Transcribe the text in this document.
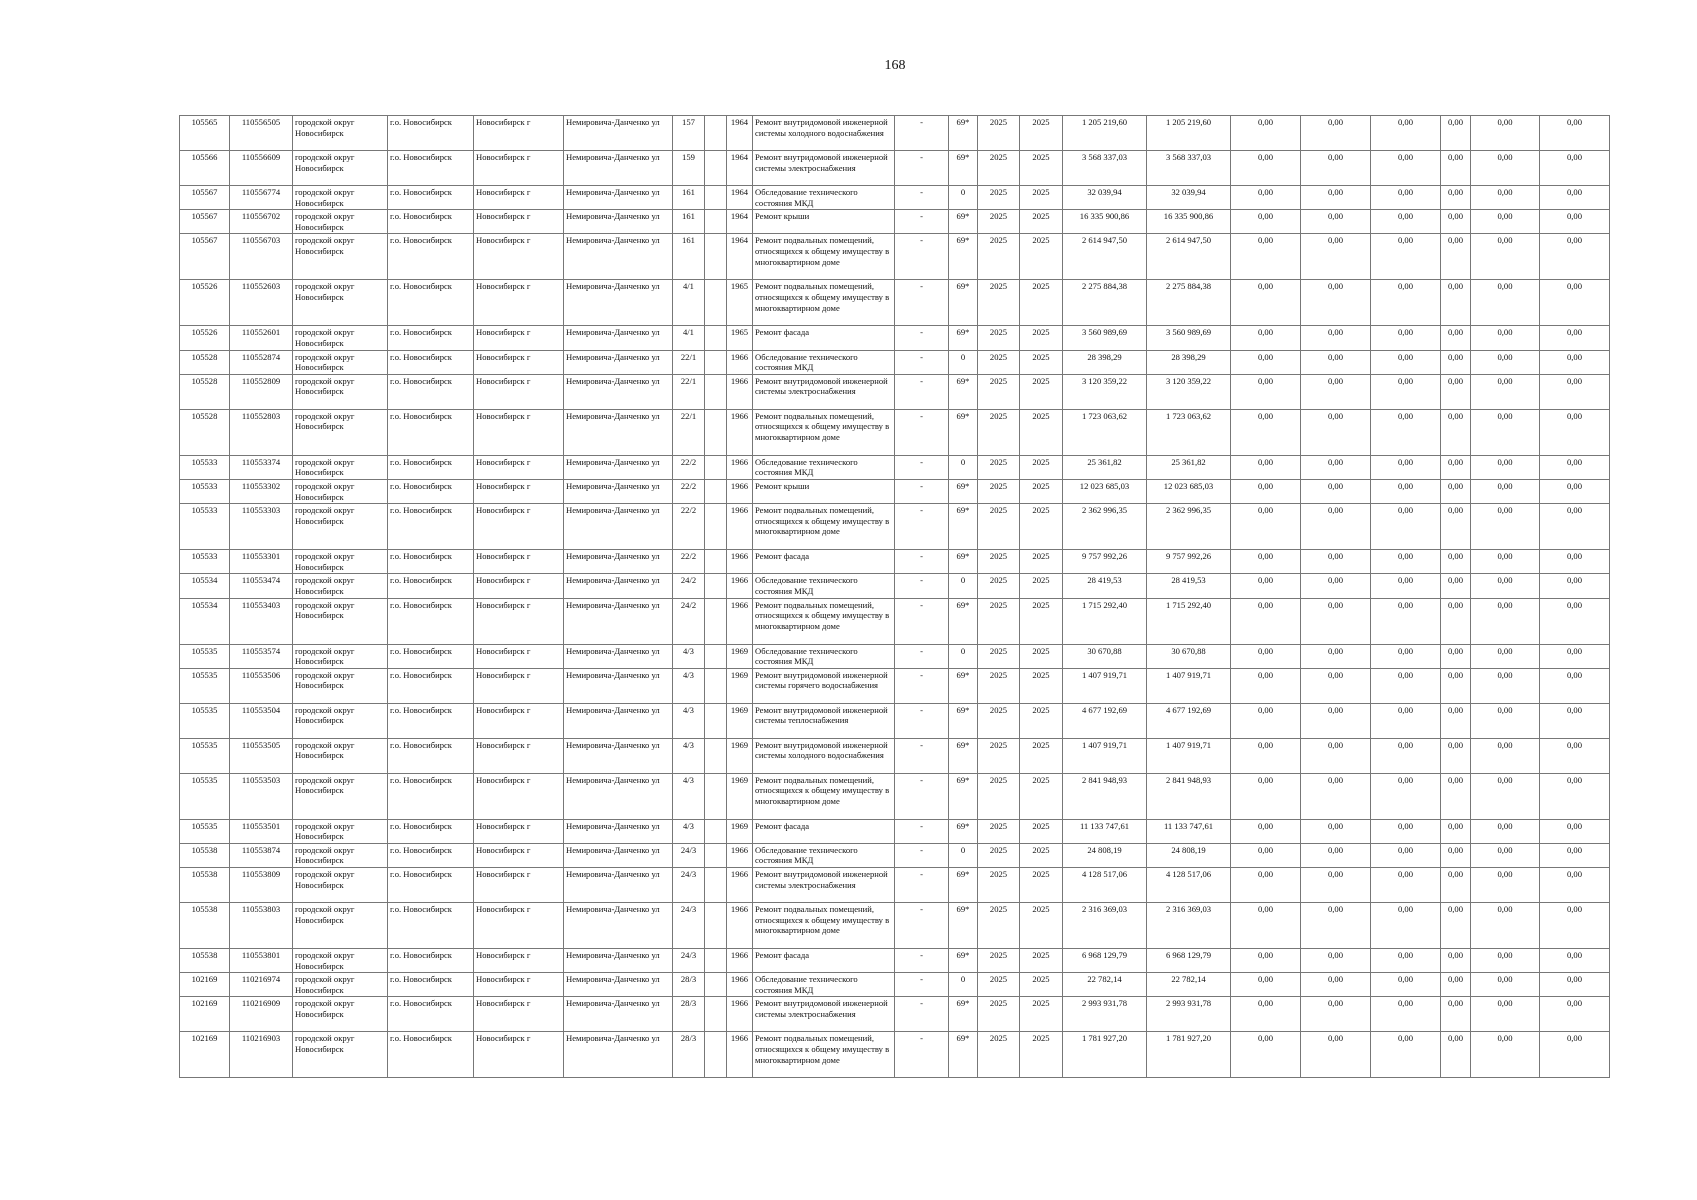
168
105565	110556505	городской округ Новосибирск	г.о. Новосибирск	Новосибирск г	Немировича-Данченко ул	157		1964	Ремонт внутридомовой инженерной системы холодного водоснабжения	-	69*	2025	2025	1 205 219,60	1 205 219,60	0,00	0,00	0,00	0,00	0,00	0,00
105566	110556609	городской округ Новосибирск	г.о. Новосибирск	Новосибирск г	Немировича-Данченко ул	159		1964	Ремонт внутридомовой инженерной системы электроснабжения	-	69*	2025	2025	3 568 337,03	3 568 337,03	0,00	0,00	0,00	0,00	0,00	0,00
105567	110556774	городской округ Новосибирск	г.о. Новосибирск	Новосибирск г	Немировича-Данченко ул	161		1964	Обследование технического состояния МКД	-	0	2025	2025	32 039,94	32 039,94	0,00	0,00	0,00	0,00	0,00	0,00
105567	110556702	городской округ Новосибирск	г.о. Новосибирск	Новосибирск г	Немировича-Данченко ул	161		1964	Ремонт крыши	-	69*	2025	2025	16 335 900,86	16 335 900,86	0,00	0,00	0,00	0,00	0,00	0,00
105567	110556703	городской округ Новосибирск	г.о. Новосибирск	Новосибирск г	Немировича-Данченко ул	161		1964	Ремонт подвальных помещений, относящихся к общему имуществу в многоквартирном доме	-	69*	2025	2025	2 614 947,50	2 614 947,50	0,00	0,00	0,00	0,00	0,00	0,00
105526	110552603	городской округ Новосибирск	г.о. Новосибирск	Новосибирск г	Немировича-Данченко ул	4/1		1965	Ремонт подвальных помещений, относящихся к общему имуществу в многоквартирном доме	-	69*	2025	2025	2 275 884,38	2 275 884,38	0,00	0,00	0,00	0,00	0,00	0,00
105526	110552601	городской округ Новосибирск	г.о. Новосибирск	Новосибирск г	Немировича-Данченко ул	4/1		1965	Ремонт фасада	-	69*	2025	2025	3 560 989,69	3 560 989,69	0,00	0,00	0,00	0,00	0,00	0,00
105528	110552874	городской округ Новосибирск	г.о. Новосибирск	Новосибирск г	Немировича-Данченко ул	22/1		1966	Обследование технического состояния МКД	-	0	2025	2025	28 398,29	28 398,29	0,00	0,00	0,00	0,00	0,00	0,00
105528	110552809	городской округ Новосибирск	г.о. Новосибирск	Новосибирск г	Немировича-Данченко ул	22/1		1966	Ремонт внутридомовой инженерной системы электроснабжения	-	69*	2025	2025	3 120 359,22	3 120 359,22	0,00	0,00	0,00	0,00	0,00	0,00
105528	110552803	городской округ Новосибирск	г.о. Новосибирск	Новосибирск г	Немировича-Данченко ул	22/1		1966	Ремонт подвальных помещений, относящихся к общему имуществу в многоквартирном доме	-	69*	2025	2025	1 723 063,62	1 723 063,62	0,00	0,00	0,00	0,00	0,00	0,00
105533	110553374	городской округ Новосибирск	г.о. Новосибирск	Новосибирск г	Немировича-Данченко ул	22/2		1966	Обследование технического состояния МКД	-	0	2025	2025	25 361,82	25 361,82	0,00	0,00	0,00	0,00	0,00	0,00
105533	110553302	городской округ Новосибирск	г.о. Новосибирск	Новосибирск г	Немировича-Данченко ул	22/2		1966	Ремонт крыши	-	69*	2025	2025	12 023 685,03	12 023 685,03	0,00	0,00	0,00	0,00	0,00	0,00
105533	110553303	городской округ Новосибирск	г.о. Новосибирск	Новосибирск г	Немировича-Данченко ул	22/2		1966	Ремонт подвальных помещений, относящихся к общему имуществу в многоквартирном доме	-	69*	2025	2025	2 362 996,35	2 362 996,35	0,00	0,00	0,00	0,00	0,00	0,00
105533	110553301	городской округ Новосибирск	г.о. Новосибирск	Новосибирск г	Немировича-Данченко ул	22/2		1966	Ремонт фасада	-	69*	2025	2025	9 757 992,26	9 757 992,26	0,00	0,00	0,00	0,00	0,00	0,00
105534	110553474	городской округ Новосибирск	г.о. Новосибирск	Новосибирск г	Немировича-Данченко ул	24/2		1966	Обследование технического состояния МКД	-	0	2025	2025	28 419,53	28 419,53	0,00	0,00	0,00	0,00	0,00	0,00
105534	110553403	городской округ Новосибирск	г.о. Новосибирск	Новосибирск г	Немировича-Данченко ул	24/2		1966	Ремонт подвальных помещений, относящихся к общему имуществу в многоквартирном доме	-	69*	2025	2025	1 715 292,40	1 715 292,40	0,00	0,00	0,00	0,00	0,00	0,00
105535	110553574	городской округ Новосибирск	г.о. Новосибирск	Новосибирск г	Немировича-Данченко ул	4/3		1969	Обследование технического состояния МКД	-	0	2025	2025	30 670,88	30 670,88	0,00	0,00	0,00	0,00	0,00	0,00
105535	110553506	городской округ Новосибирск	г.о. Новосибирск	Новосибирск г	Немировича-Данченко ул	4/3		1969	Ремонт внутридомовой инженерной системы горячего водоснабжения	-	69*	2025	2025	1 407 919,71	1 407 919,71	0,00	0,00	0,00	0,00	0,00	0,00
105535	110553504	городской округ Новосибирск	г.о. Новосибирск	Новосибирск г	Немировича-Данченко ул	4/3		1969	Ремонт внутридомовой инженерной системы теплоснабжения	-	69*	2025	2025	4 677 192,69	4 677 192,69	0,00	0,00	0,00	0,00	0,00	0,00
105535	110553505	городской округ Новосибирск	г.о. Новосибирск	Новосибирск г	Немировича-Данченко ул	4/3		1969	Ремонт внутридомовой инженерной системы холодного водоснабжения	-	69*	2025	2025	1 407 919,71	1 407 919,71	0,00	0,00	0,00	0,00	0,00	0,00
105535	110553503	городской округ Новосибирск	г.о. Новосибирск	Новосибирск г	Немировича-Данченко ул	4/3		1969	Ремонт подвальных помещений, относящихся к общему имуществу в многоквартирном доме	-	69*	2025	2025	2 841 948,93	2 841 948,93	0,00	0,00	0,00	0,00	0,00	0,00
105535	110553501	городской округ Новосибирск	г.о. Новосибирск	Новосибирск г	Немировича-Данченко ул	4/3		1969	Ремонт фасада	-	69*	2025	2025	11 133 747,61	11 133 747,61	0,00	0,00	0,00	0,00	0,00	0,00
105538	110553874	городской округ Новосибирск	г.о. Новосибирск	Новосибирск г	Немировича-Данченко ул	24/3		1966	Обследование технического состояния МКД	-	0	2025	2025	24 808,19	24 808,19	0,00	0,00	0,00	0,00	0,00	0,00
105538	110553809	городской округ Новосибирск	г.о. Новосибирск	Новосибирск г	Немировича-Данченко ул	24/3		1966	Ремонт внутридомовой инженерной системы электроснабжения	-	69*	2025	2025	4 128 517,06	4 128 517,06	0,00	0,00	0,00	0,00	0,00	0,00
105538	110553803	городской округ Новосибирск	г.о. Новосибирск	Новосибирск г	Немировича-Данченко ул	24/3		1966	Ремонт подвальных помещений, относящихся к общему имуществу в многоквартирном доме	-	69*	2025	2025	2 316 369,03	2 316 369,03	0,00	0,00	0,00	0,00	0,00	0,00
105538	110553801	городской округ Новосибирск	г.о. Новосибирск	Новосибирск г	Немировича-Данченко ул	24/3		1966	Ремонт фасада	-	69*	2025	2025	6 968 129,79	6 968 129,79	0,00	0,00	0,00	0,00	0,00	0,00
102169	110216974	городской округ Новосибирск	г.о. Новосибирск	Новосибирск г	Немировича-Данченко ул	28/3		1966	Обследование технического состояния МКД	-	0	2025	2025	22 782,14	22 782,14	0,00	0,00	0,00	0,00	0,00	0,00
102169	110216909	городской округ Новосибирск	г.о. Новосибирск	Новосибирск г	Немировича-Данченко ул	28/3		1966	Ремонт внутридомовой инженерной системы электроснабжения	-	69*	2025	2025	2 993 931,78	2 993 931,78	0,00	0,00	0,00	0,00	0,00	0,00
102169	110216903	городской округ Новосибирск	г.о. Новосибирск	Новосибирск г	Немировича-Данченко ул	28/3		1966	Ремонт подвальных помещений, относящихся к общему имуществу в многоквартирном доме	-	69*	2025	2025	1 781 927,20	1 781 927,20	0,00	0,00	0,00	0,00	0,00	0,00
